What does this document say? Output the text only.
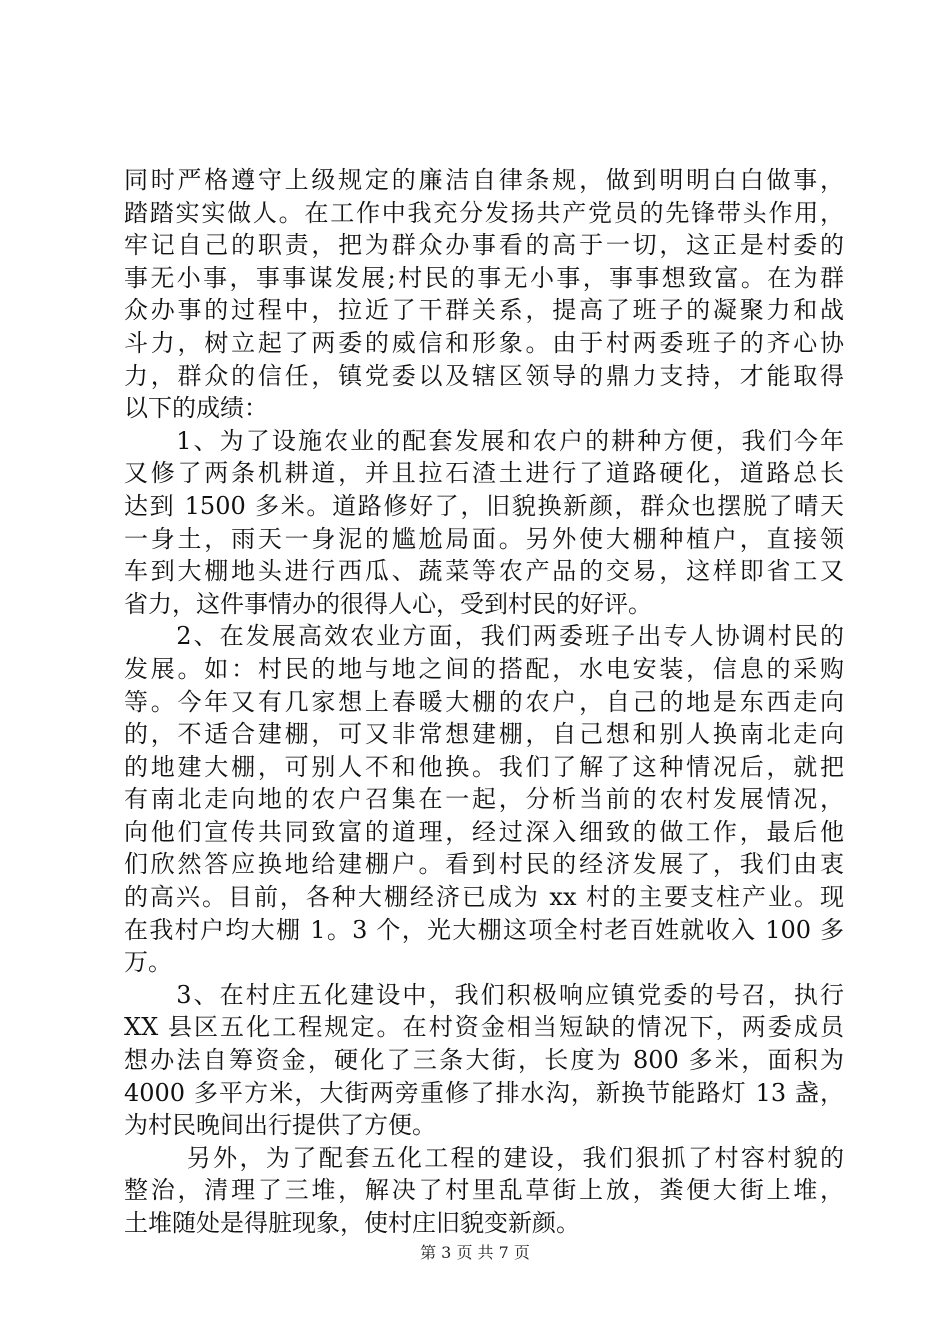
同时严格遵守上级规定的廉洁自律条规，做到明明白白做事，
踏踏实实做人。在工作中我充分发扬共产党员的先锋带头作用，
牢记自己的职责，把为群众办事看的高于一切，这正是村委的
事无小事，事事谋发展;村民的事无小事，事事想致富。在为群
众办事的过程中，拉近了干群关系，提高了班子的凝聚力和战
斗力，树立起了两委的威信和形象。由于村两委班子的齐心协
力，群众的信任，镇党委以及辖区领导的鼎力支持，才能取得
以下的成绩：
　　1、为了设施农业的配套发展和农户的耕种方便，我们今年
又修了两条机耕道，并且拉石渣土进行了道路硬化，道路总长
达到 1500 多米。道路修好了，旧貌换新颜，群众也摆脱了晴天
一身土，雨天一身泥的尴尬局面。另外使大棚种植户，直接领
车到大棚地头进行西瓜、蔬菜等农产品的交易，这样即省工又
省力，这件事情办的很得人心，受到村民的好评。
　　2、在发展高效农业方面，我们两委班子出专人协调村民的
发展。如：村民的地与地之间的搭配，水电安装，信息的采购
等。今年又有几家想上春暖大棚的农户，自己的地是东西走向
的，不适合建棚，可又非常想建棚，自己想和别人换南北走向
的地建大棚，可别人不和他换。我们了解了这种情况后，就把
有南北走向地的农户召集在一起，分析当前的农村发展情况，
向他们宣传共同致富的道理，经过深入细致的做工作，最后他
们欣然答应换地给建棚户。看到村民的经济发展了，我们由衷
的高兴。目前，各种大棚经济已成为 xx 村的主要支柱产业。现
在我村户均大棚 1。3 个，光大棚这项全村老百姓就收入 100 多
万。
　　3、在村庄五化建设中，我们积极响应镇党委的号召，执行
XX 县区五化工程规定。在村资金相当短缺的情况下，两委成员
想办法自筹资金，硬化了三条大街，长度为 800 多米，面积为
4000 多平方米，大街两旁重修了排水沟，新换节能路灯 13 盏，
为村民晚间出行提供了方便。
　　 另外，为了配套五化工程的建设，我们狠抓了村容村貌的
整治，清理了三堆，解决了村里乱草街上放，粪便大街上堆，
土堆随处是得脏现象，使村庄旧貌变新颜。
第 3 页 共 7 页
